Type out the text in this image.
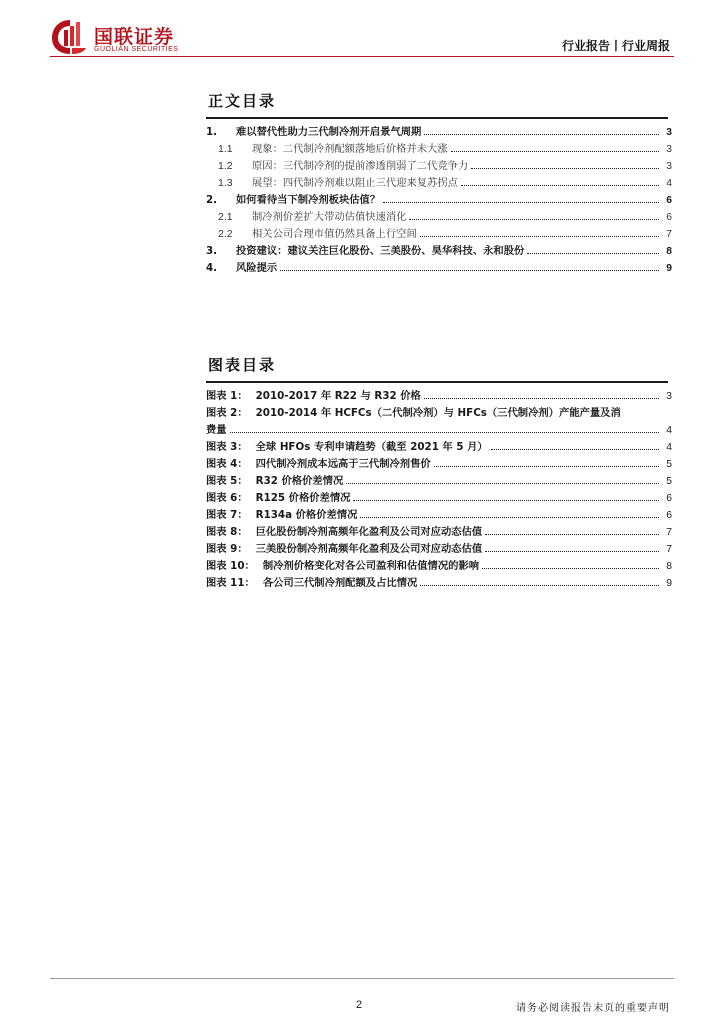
国联证券
GUOLIAN SECURITIES	行业报告丨行业周报
正文目录
1.	难以替代性助力三代制冷剂开启景气周期	3
1.1	现象：二代制冷剂配额落地后价格并未大涨	3
1.2	原因：三代制冷剂的提前渗透削弱了二代竞争力	3
1.3	展望：四代制冷剂难以阻止三代迎来复苏拐点	4
2.	如何看待当下制冷剂板块估值？	6
2.1	制冷剂价差扩大带动估值快速消化	6
2.2	相关公司合理市值仍然具备上行空间	7
3.	投资建议：建议关注巨化股份、三美股份、昊华科技、永和股份	8
4.	风险提示	9
图表目录
图表 1： 2010-2017 年 R22 与 R32 价格	3
图表 2： 2010-2014 年 HCFCs（二代制冷剂）与 HFCs（三代制冷剂）产能产量及消
费量	4
图表 3： 全球 HFOs 专利申请趋势（截至 2021 年 5 月）	4
图表 4： 四代制冷剂成本远高于三代制冷剂售价	5
图表 5： R32 价格价差情况	5
图表 6： R125 价格价差情况	6
图表 7： R134a 价格价差情况	6
图表 8： 巨化股份制冷剂高频年化盈利及公司对应动态估值	7
图表 9： 三美股份制冷剂高频年化盈利及公司对应动态估值	7
图表 10： 制冷剂价格变化对各公司盈利和估值情况的影响	8
图表 11： 各公司三代制冷剂配额及占比情况	9
2	请务必阅读报告末页的重要声明
